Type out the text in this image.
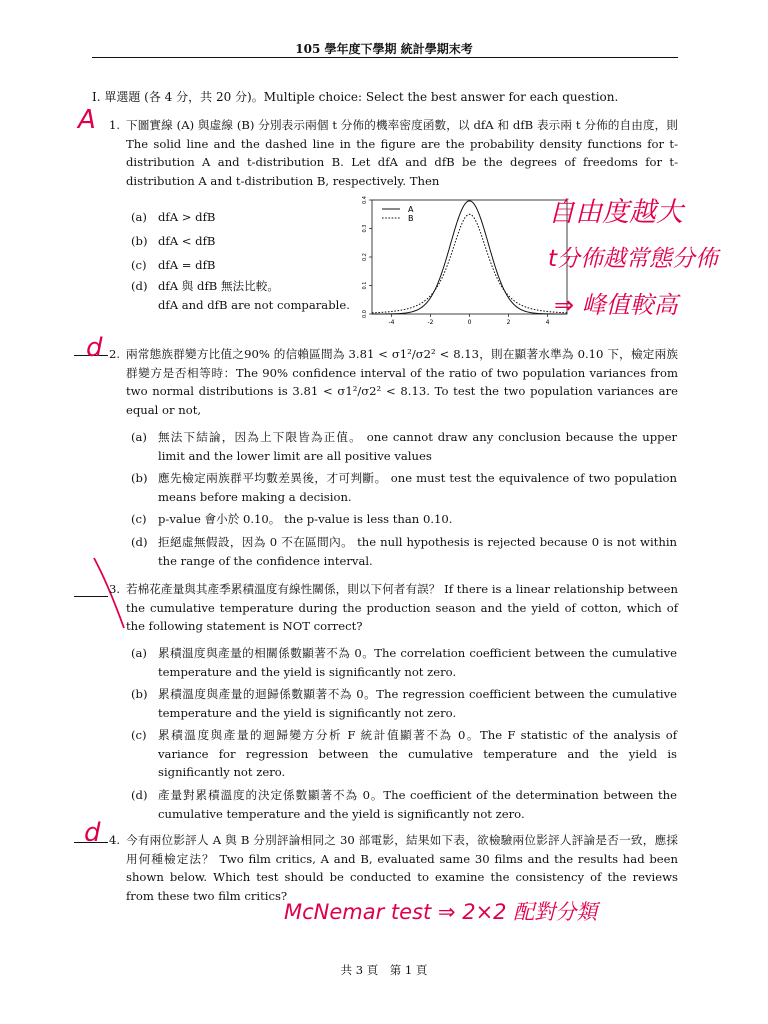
105 學年度下學期 統計學期末考
I. 單選題 (各 4 分，共 20 分)。Multiple choice: Select the best answer for each question.
A 1. 下圖實線 (A) 與虛線 (B) 分別表示兩個 t 分佈的機率密度函數，以 dfA 和 dfB 表示兩 t 分佈的自由度，則 The solid line and the dashed line in the figure are the probability density functions for t-distribution A and t-distribution B. Let dfA and dfB be the degrees of freedoms for t-distribution A and t-distribution B, respectively. Then
(a) dfA > dfB
(b) dfA < dfB
(c) dfA = dfB
(d) dfA 與 dfB 無法比較。
dfA and dfB are not comparable.
0.0
0.1
0.2
0.3
0.4
-4	-2	0	2	4
A
B	自由度越大
t分佈越常態分佈
⇒ 峰值較高
d 2. 兩常態族群變方比值之90% 的信賴區間為 3.81 < σ1²/σ2² < 8.13，則在顯著水準為 0.10 下，檢定兩族群變方是否相等時：The 90% confidence interval of the ratio of two population variances from two normal distributions is 3.81 < σ1²/σ2² < 8.13. To test the two population variances are equal or not,
(a) 無法下結論，因為上下限皆為正值。 one cannot draw any conclusion because the upper limit and the lower limit are all positive values
(b) 應先檢定兩族群平均數差異後，才可判斷。 one must test the equivalence of two population means before making a decision.
(c) p-value 會小於 0.10。 the p-value is less than 0.10.
(d) 拒絕虛無假設，因為 0 不在區間內。 the null hypothesis is rejected because 0 is not within the range of the confidence interval.
3. 若棉花產量與其產季累積溫度有線性關係，則以下何者有誤？ If there is a linear relationship between the cumulative temperature during the production season and the yield of cotton, which of the following statement is NOT correct?
(a) 累積溫度與產量的相關係數顯著不為 0。The correlation coefficient between the cumulative temperature and the yield is significantly not zero.
(b) 累積溫度與產量的迴歸係數顯著不為 0。The regression coefficient between the cumulative temperature and the yield is significantly not zero.
(c) 累積溫度與產量的迴歸變方分析 F 統計值顯著不為 0。The F statistic of the analysis of variance for regression between the cumulative temperature and the yield is significantly not zero.
(d) 產量對累積溫度的決定係數顯著不為 0。The coefficient of the determination between the cumulative temperature and the yield is significantly not zero.
d 4. 今有兩位影評人 A 與 B 分別評論相同之 30 部電影，結果如下表，欲檢驗兩位影評人評論是否一致，應採用何種檢定法？ Two film critics, A and B, evaluated same 30 films and the results had been shown below. Which test should be conducted to examine the consistency of the reviews from these two film critics?
McNemar test ⇒ 2×2 配對分類
共 3 頁　第 1 頁
